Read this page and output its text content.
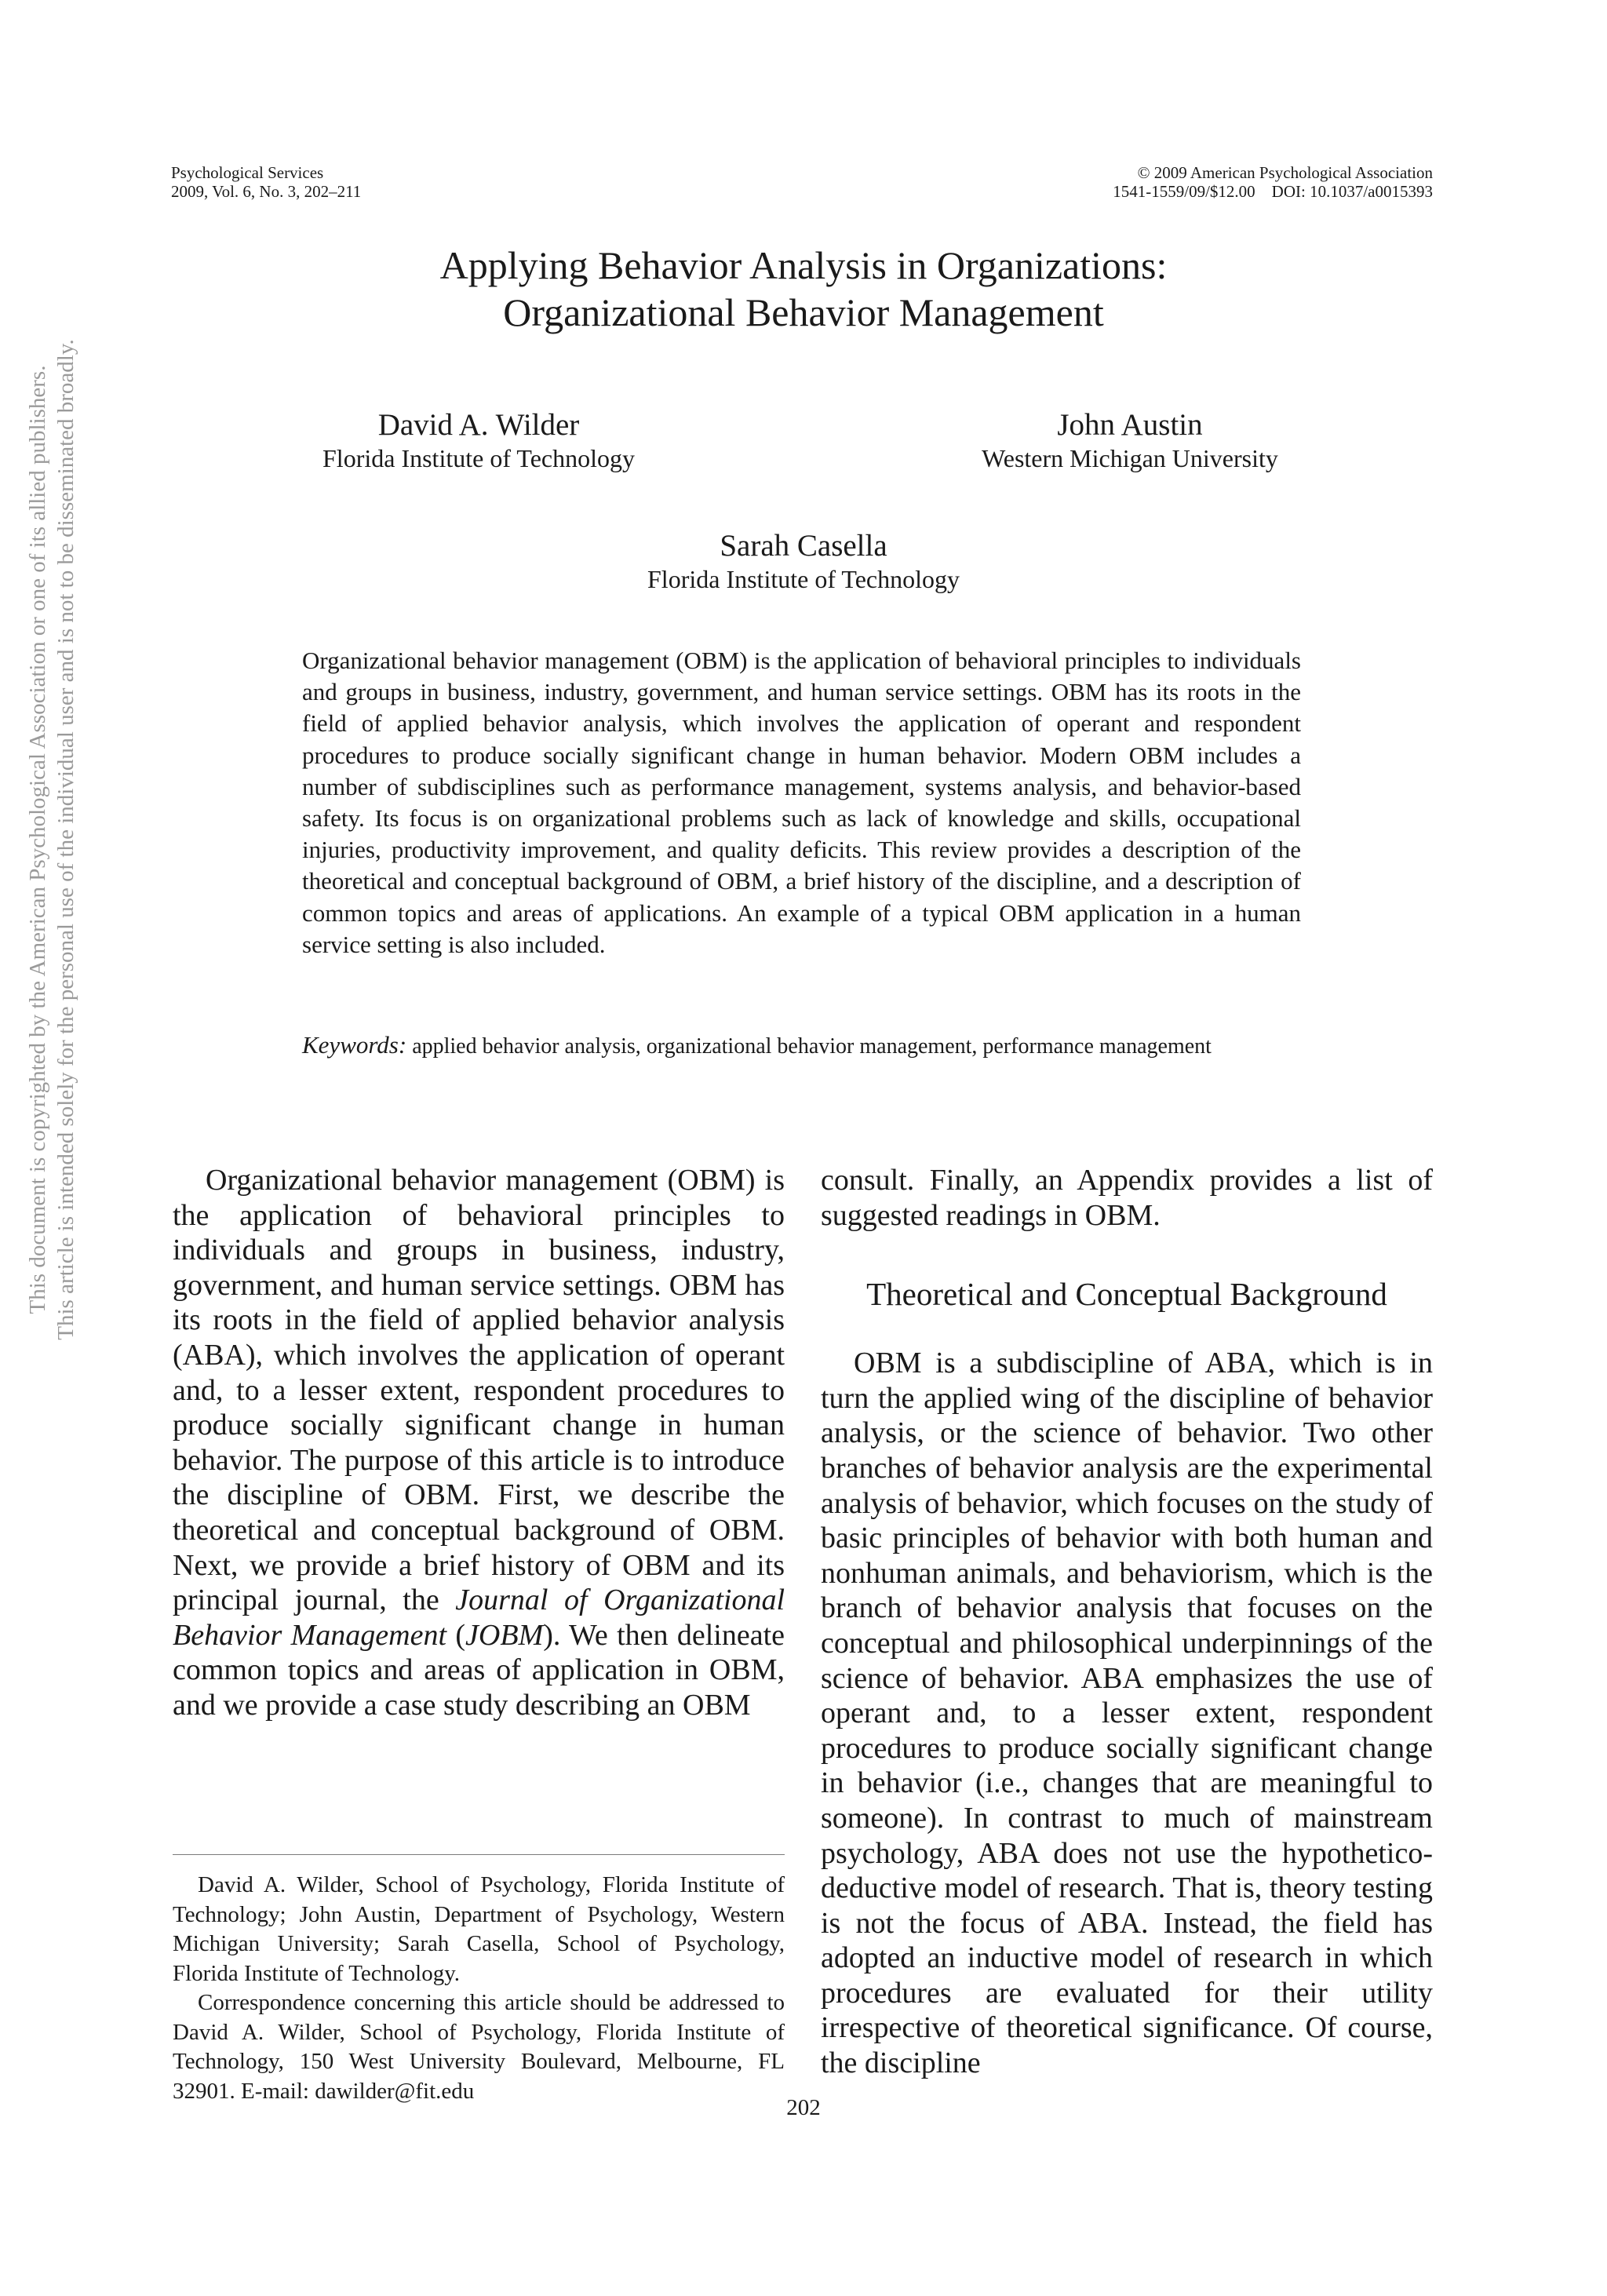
Psychological Services
2009, Vol. 6, No. 3, 202–211
© 2009 American Psychological Association
1541-1559/09/$12.00    DOI: 10.1037/a0015393
Applying Behavior Analysis in Organizations:
Organizational Behavior Management
David A. Wilder
Florida Institute of Technology
John Austin
Western Michigan University
Sarah Casella
Florida Institute of Technology
Organizational behavior management (OBM) is the application of behavioral principles to individuals and groups in business, industry, government, and human service settings. OBM has its roots in the field of applied behavior analysis, which involves the application of operant and respondent procedures to produce socially significant change in human behavior. Modern OBM includes a number of subdisciplines such as performance management, systems analysis, and behavior-based safety. Its focus is on organizational problems such as lack of knowledge and skills, occupational injuries, productivity improvement, and quality deficits. This review provides a description of the theoretical and conceptual background of OBM, a brief history of the discipline, and a description of common topics and areas of applications. An example of a typical OBM application in a human service setting is also included.
Keywords: applied behavior analysis, organizational behavior management, performance management
This document is copyrighted by the American Psychological Association or one of its allied publishers. This article is intended solely for the personal use of the individual user and is not to be disseminated broadly.	Organizational behavior management (OBM) is the application of behavioral principles to individuals and groups in business, industry, government, and human service settings. OBM has its roots in the field of applied behavior analysis (ABA), which involves the application of operant and, to a lesser extent, respondent procedures to produce socially significant change in human behavior. The purpose of this article is to introduce the discipline of OBM. First, we describe the theoretical and conceptual background of OBM. Next, we provide a brief history of OBM and its principal journal, the Journal of Organizational Behavior Management (JOBM). We then delineate common topics and areas of application in OBM, and we provide a case study describing an OBM

David A. Wilder, School of Psychology, Florida Institute of Technology; John Austin, Department of Psychology, Western Michigan University; Sarah Casella, School of Psychology, Florida Institute of Technology.

Correspondence concerning this article should be addressed to David A. Wilder, School of Psychology, Florida Institute of Technology, 150 West University Boulevard, Melbourne, FL 32901. E-mail: dawilder@fit.edu

consult. Finally, an Appendix provides a list of suggested readings in OBM.

Theoretical and Conceptual Background

OBM is a subdiscipline of ABA, which is in turn the applied wing of the discipline of behavior analysis, or the science of behavior. Two other branches of behavior analysis are the experimental analysis of behavior, which focuses on the study of basic principles of behavior with both human and nonhuman animals, and behaviorism, which is the branch of behavior analysis that focuses on the conceptual and philosophical underpinnings of the science of behavior. ABA emphasizes the use of operant and, to a lesser extent, respondent procedures to produce socially significant change in behavior (i.e., changes that are meaningful to someone). In contrast to much of mainstream psychology, ABA does not use the hypothetico-deductive model of research. That is, theory testing is not the focus of ABA. Instead, the field has adopted an inductive model of research in which procedures are evaluated for their utility irrespective of theoretical significance. Of course, the discipline

202
